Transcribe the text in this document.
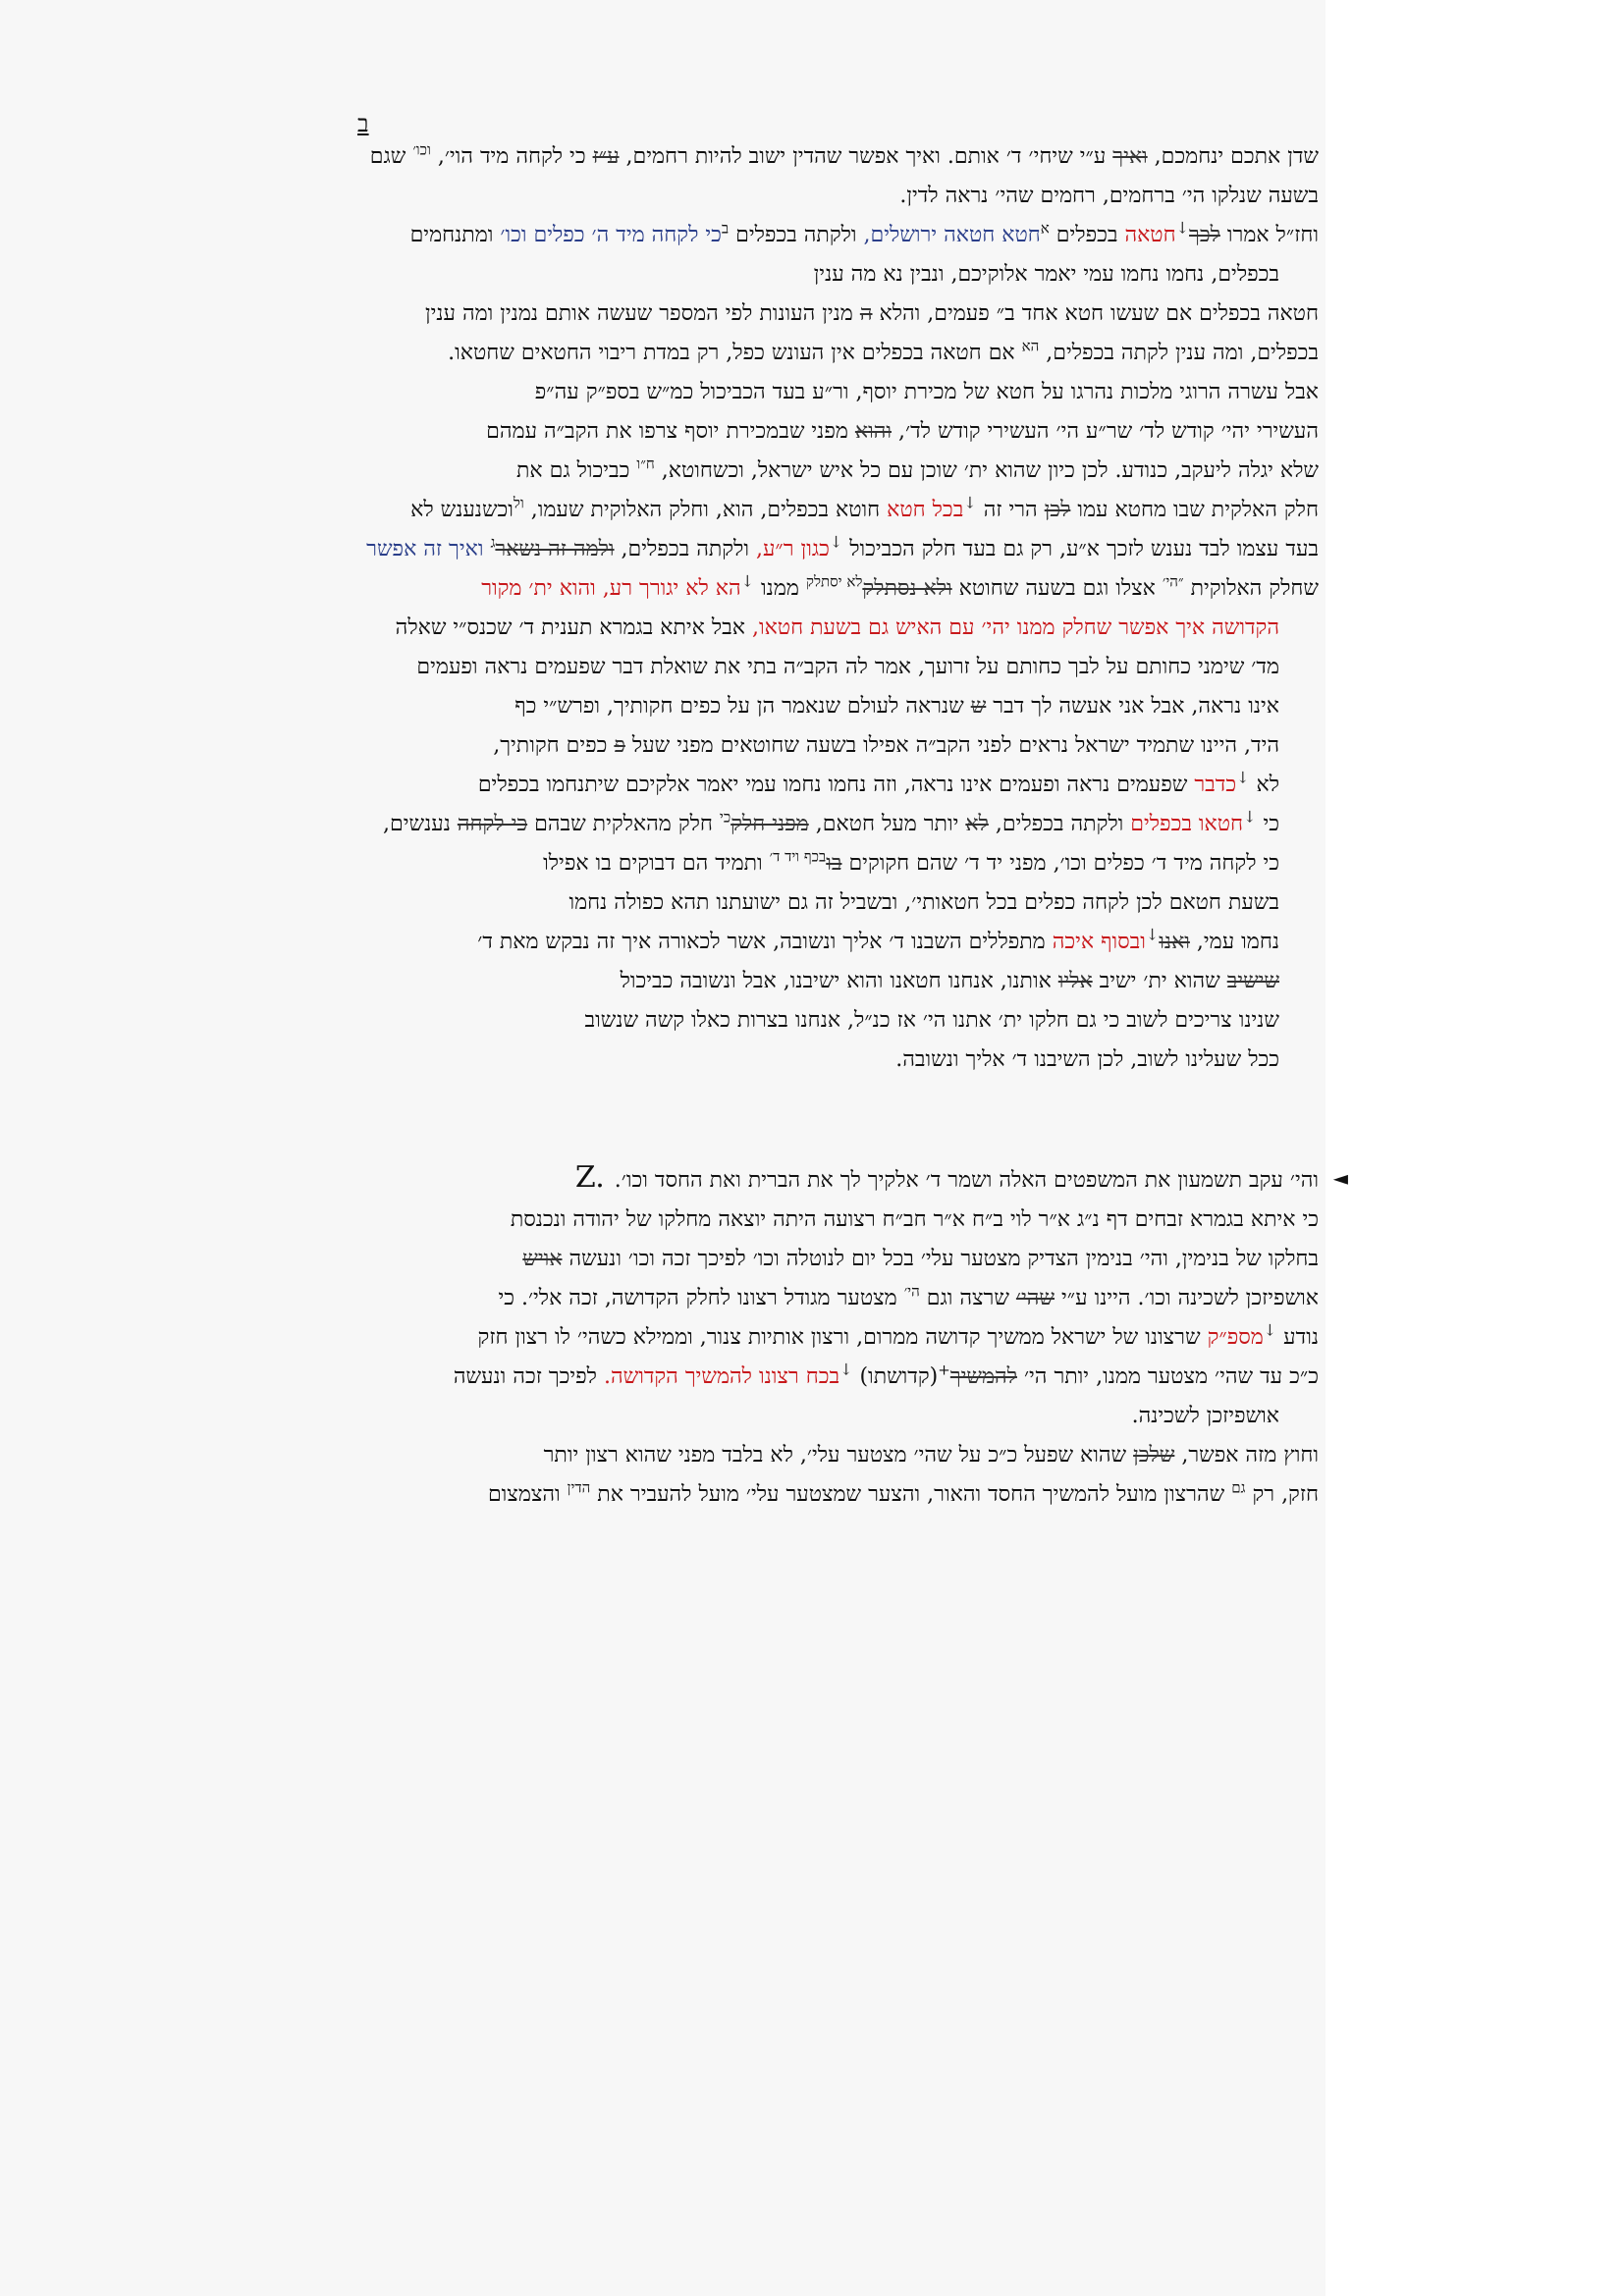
ב
שדן אתכם ינחמכם, ואיך ע״י שיחי׳ ד׳ אותם. ואיך אפשר שהדין ישוב להיות רחמים, ע״ז כי לקחה מיד הוי׳, $^{וכו׳}$ שגם
בשעה שנלקו הי׳ ברחמים, רחמים שהי׳ נראה לדין.
וחז״ל אמרו לכך↓חטאה בכפלים $^א$חטא חטאה ירושלים, ולקתה בכפלים $^ב$כי לקחה מיד ה׳ כפלים וכו׳ ומתנחמים
בכפלים, נחמו נחמו עמי יאמר אלוקיכם, ונבין נא מה ענין
חטאה בכפלים אם שעשו חטא אחד ב״ פעמים, והלא ה מנין העונות לפי המספר שעשה אותם נמנין ומה ענין
בכפלים, ומה ענין לקתה בכפלים, $^{הא}$ אם חטאה בכפלים אין העונש כפל, רק במדת ריבוי החטאים שחטאו.
אבל עשרה הרוגי מלכות נהרגו על חטא של מכירת יוסף, ור״ע בעד הכביכול כמ״ש בספ״ק עה״פ
העשירי יהי׳ קודש לד׳ שר״ע הי׳ העשירי קודש לד׳, והוא מפני שבמכירת יוסף צרפו את הקב״ה עמהם
שלא יגלה ליעקב, כנודע. לכן כיון שהוא ית׳ שוכן עם כל איש ישראל, וכשחוטא, $^{ח״ו}$ כביכול גם את
חלק האלקית שבו מחטא עמו לכן הרי זה ↓בכל חטא חוטא בכפלים, הוא, וחלק האלוקית שעמו, $^{ול}$וכשנענש לא
בעד עצמו לבד נענש לזכך א״ע, רק גם בעד חלק הכביכול ↓כגון ר״ע, ולקתה בכפלים, ולמה זה נשאר$^ג$ ואיך זה אפשר
שחלק האלוקית $^{״הי׳}$ אצלו וגם בשעה שחוטא ולא נסתלק$^{לא יסתלק}$ ממנו ↓הא לא יגורך רע, והוא ית׳ מקור
הקדושה איך אפשר שחלק ממנו יהי׳ עם האיש גם בשעת חטאו, אבל איתא בגמרא תענית ד׳ שכנס״י שאלה
מד׳ שימני כחותם על לבך כחותם על זרועך, אמר לה הקב״ה בתי את שואלת דבר שפעמים נראה ופעמים
אינו נראה, אבל אני אעשה לך דבר ש שנראה לעולם שנאמר הן על כפים חקותיך, ופרש״י כף
היד, היינו שתמיד ישראל נראים לפני הקב״ה אפילו בשעה שחוטאים מפני שעל פ כפים חקותיך,
לא ↓כדבר שפעמים נראה ופעמים אינו נראה, וזה נחמו נחמו עמי יאמר אלקיכם שיתנחמו בכפלים
כי ↓חטאו בכפלים ולקתה בכפלים, לא יותר מעל חטאם, מפני חלק$^{כי}$ חלק מהאלקית שבהם כי לקחה נענשים,
כי לקחה מיד ד׳ כפלים וכו׳, מפני יד ד׳ שהם חקוקים בו$^{בכף ויד ד׳}$ ותמיד הם דבוקים בו אפילו
בשעת חטאם לכן לקחה כפלים בכל חטאותי׳, ובשביל זה גם ישועתנו תהא כפולה נחמו
נחמו עמי, ואנו↓ובסוף איכה מתפללים השבנו ד׳ אליך ונשובה, אשר לכאורה איך זה נבקש מאת ד׳
שישיב שהוא ית׳ ישיב אליו אותנו, אנחנו חטאנו והוא ישיבנו, אבל ונשובה כביכול
שנינו צריכים לשוב כי גם חלקו ית׳ אתנו הי׳ אז כנ״ל, אנחנו בצרות כאלו קשה שנשוב
ככל שעלינו לשוב, לכן השיבנו ד׳ אליך ונשובה.
◄
והי׳ עקב תשמעון את המשפטים האלה ושמר ד׳ אלקיך לך את הברית ואת החסד וכו׳.Z.
כי איתא בגמרא זבחים דף נ״ג א״ר לוי ב״ח א״ר חב״ח רצועה היתה יוצאה מחלקו של יהודה ונכנסת
בחלקו של בנימין, והי׳ בנימין הצדיק מצטער עלי׳ בכל יום לנוטלה וכו׳ לפיכך זכה וכו׳ ונעשה אויש
אושפיזכן לשכינה וכו׳. היינו ע״י שהי׳ שרצה וגם $^{הי׳}$ מצטער מגודל רצונו לחלק הקדושה, זכה אלי׳. כי
נודע ↓מספ״ק שרצונו של ישראל ממשיך קדושה ממרום, ורצון אותיות צנור, וממילא כשהי׳ לו רצון חזק
כ״כ עד שהי׳ מצטער ממנו, יותר הי׳ להמשיך+(קדושתו) ↓בכח רצונו להמשיך הקדושה. לפיכך זכה ונעשה
אושפיזכן לשכינה.
וחוץ מזה אפשר, שלכן שהוא שפעל כ״כ על שהי׳ מצטער עלי׳, לא בלבד מפני שהוא רצון יותר
חזק, רק $^{גם}$ שהרצון מועל להמשיך החסד והאור, והצער שמצטער עלי׳ מועל להעביר את $^{הדין}$ והצמצום
